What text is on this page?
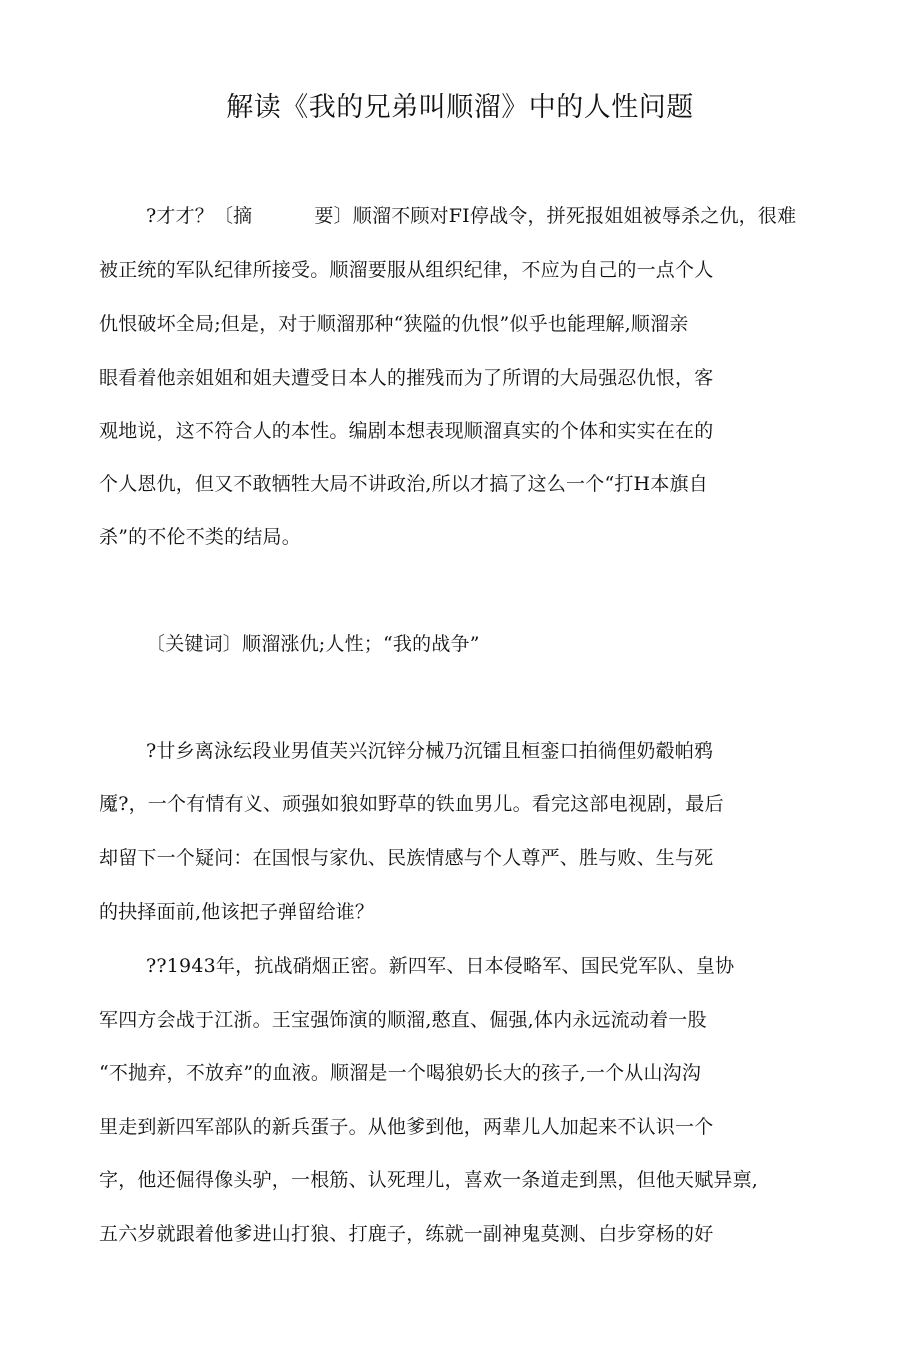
解读《我的兄弟叫顺溜》中的人性问题
?才才？〔摘	要〕顺溜不顾对FI停战令，拼死报姐姐被辱杀之仇，很难
被正统的军队纪律所接受。顺溜要服从组织纪律，不应为自己的一点个人
仇恨破坏全局;但是，对于顺溜那种“狭隘的仇恨”似乎也能理解,顺溜亲
眼看着他亲姐姐和姐夫遭受日本人的摧残而为了所谓的大局强忍仇恨，客
观地说，这不符合人的本性。编剧本想表现顺溜真实的个体和实实在在的
个人恩仇，但又不敢牺牲大局不讲政治,所以才搞了这么一个“打H本旗自
杀”的不伦不类的结局。
〔关键词〕顺溜涨仇;人性；“我的战争”
?廿乡离泳纭段业男值芙兴沉锌分械乃沉镭且桓銮口拍徜俚奶觳帕鸦
魇?，一个有情有义、顽强如狼如野草的铁血男儿。看完这部电视剧，最后
却留下一个疑问：在国恨与家仇、民族情感与个人尊严、胜与败、生与死
的抉择面前,他该把子弹留给谁？
??1943年，抗战硝烟正密。新四军、日本侵略军、国民党军队、皇协
军四方会战于江浙。王宝强饰演的顺溜,憨直、倔强,体内永远流动着一股
“不抛弃，不放弃”的血液。顺溜是一个喝狼奶长大的孩子,一个从山沟沟
里走到新四军部队的新兵蛋子。从他爹到他，两辈儿人加起来不认识一个
字，他还倔得像头驴，一根筋、认死理儿，喜欢一条道走到黑，但他天赋异禀,
五六岁就跟着他爹进山打狼、打鹿子，练就一副神鬼莫测、白步穿杨的好
